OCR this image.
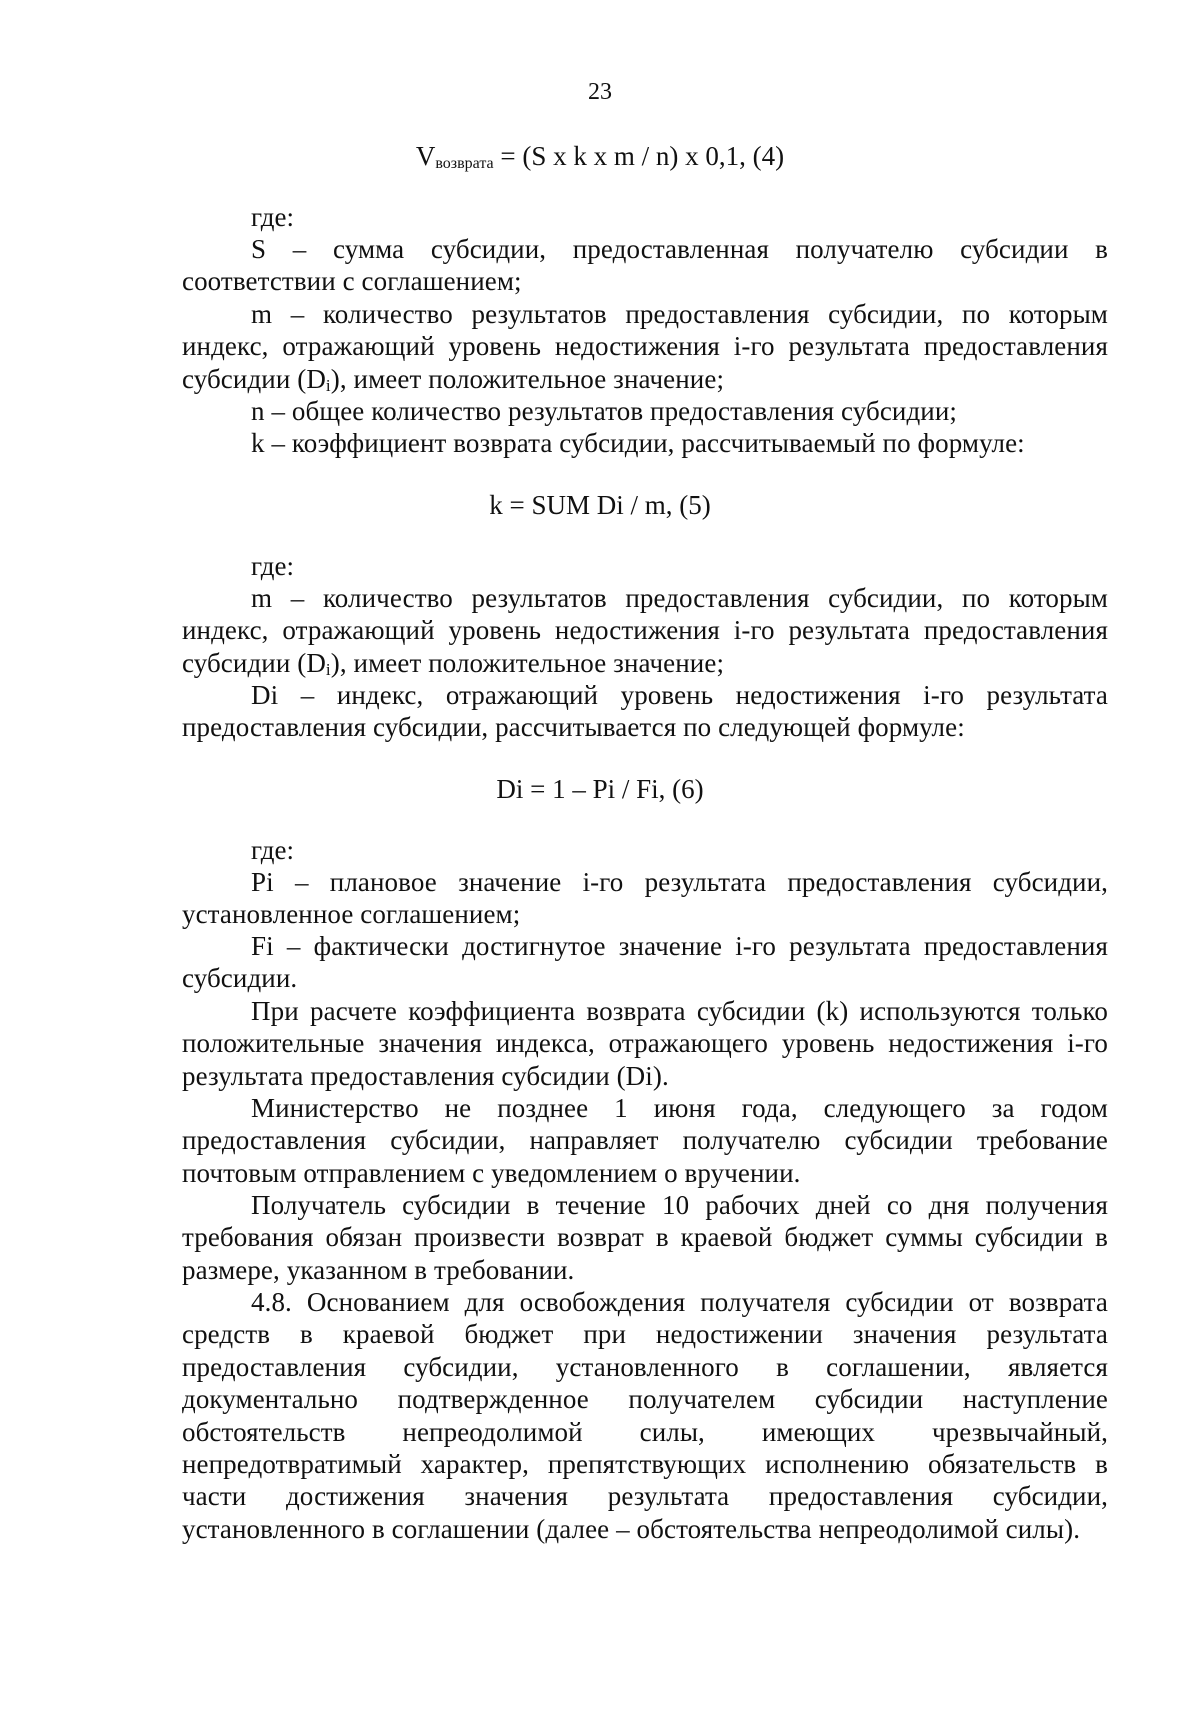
23
$V_{возврата} = (S$ x k x m / n) x 0,1, (4)
где:

S – сумма субсидии, предоставленная получателю субсидии в соответствии с соглашением;

m – количество результатов предоставления субсидии, по которым индекс, отражающий уровень недостижения i-го результата предоставления субсидии $(D_i)$, имеет положительное значение;

n – общее количество результатов предоставления субсидии;

k – коэффициент возврата субсидии, рассчитываемый по формуле:

k = SUM Di / m, (5)
где:

m – количество результатов предоставления субсидии, по которым индекс, отражающий уровень недостижения i-го результата предоставления субсидии $(D_i)$, имеет положительное значение;

Di – индекс, отражающий уровень недостижения i-го результата предоставления субсидии, рассчитывается по следующей формуле:

Di = 1 – Pi / Fi, (6)
где:

Pi – плановое значение i-го результата предоставления субсидии, установленное соглашением;

Fi – фактически достигнутое значение i-го результата предоставления субсидии.

При расчете коэффициента возврата субсидии (k) используются только положительные значения индекса, отражающего уровень недостижения i-го результата предоставления субсидии (Di).

Министерство не позднее 1 июня года, следующего за годом предоставления субсидии, направляет получателю субсидии требование почтовым отправлением с уведомлением о вручении.

Получатель субсидии в течение 10 рабочих дней со дня получения требования обязан произвести возврат в краевой бюджет суммы субсидии в размере, указанном в требовании.

4.8. Основанием для освобождения получателя субсидии от возврата средств в краевой бюджет при недостижении значения результата предоставления субсидии, установленного в соглашении, является документально подтвержденное получателем субсидии наступление обстоятельств непреодолимой силы, имеющих чрезвычайный, непредотвратимый характер, препятствующих исполнению обязательств в части достижения значения результата предоставления субсидии, установленного в соглашении (далее – обстоятельства непреодолимой силы).
